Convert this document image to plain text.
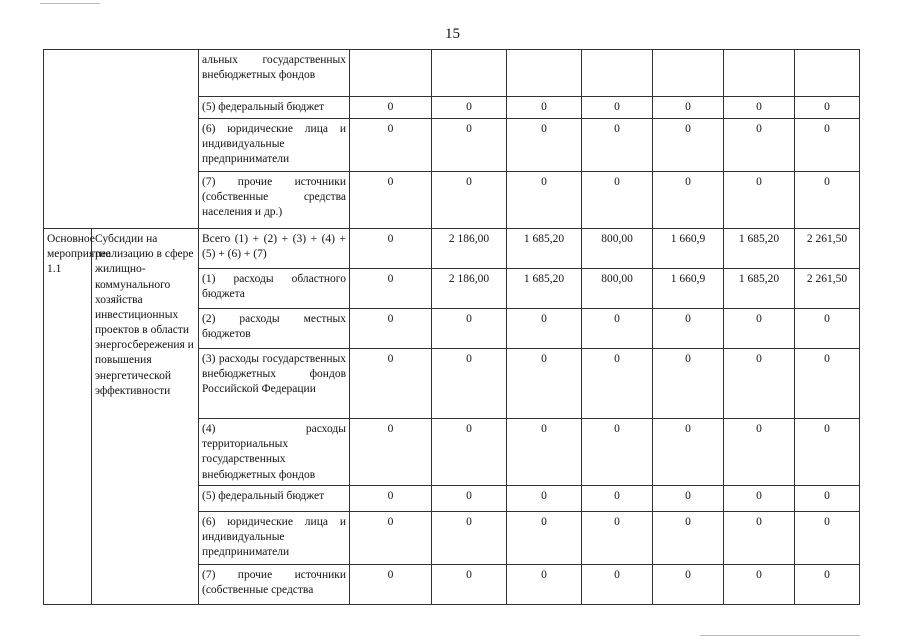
15
		альных государственных внебюджетных фондов							
		(5) федеральный бюджет	0	0	0	0	0	0	0
		(6) юридические лица и индивидуальные предприниматели	0	0	0	0	0	0	0
		(7) прочие источники (собственные средства населения и др.)	0	0	0	0	0	0	0
Основное мероприятие 1.1	Субсидии на реализацию в сфере жилищно-коммунального хозяйства инвестиционных проектов в области энергосбережения и повышения энергетической эффективности	Всего (1) + (2) + (3) + (4) + (5) + (6) + (7)	0	2 186,00	1 685,20	800,00	1 660,9	1 685,20	2 261,50
		(1) расходы областного бюджета	0	2 186,00	1 685,20	800,00	1 660,9	1 685,20	2 261,50
		(2) расходы местных бюджетов	0	0	0	0	0	0	0
		(3) расходы государственных внебюджетных фондов Российской Федерации	0	0	0	0	0	0	0
		(4) расходы территориальных государственных внебюджетных фондов	0	0	0	0	0	0	0
		(5) федеральный бюджет	0	0	0	0	0	0	0
		(6) юридические лица и индивидуальные предприниматели	0	0	0	0	0	0	0
		(7) прочие источники (собственные средства	0	0	0	0	0	0	0
